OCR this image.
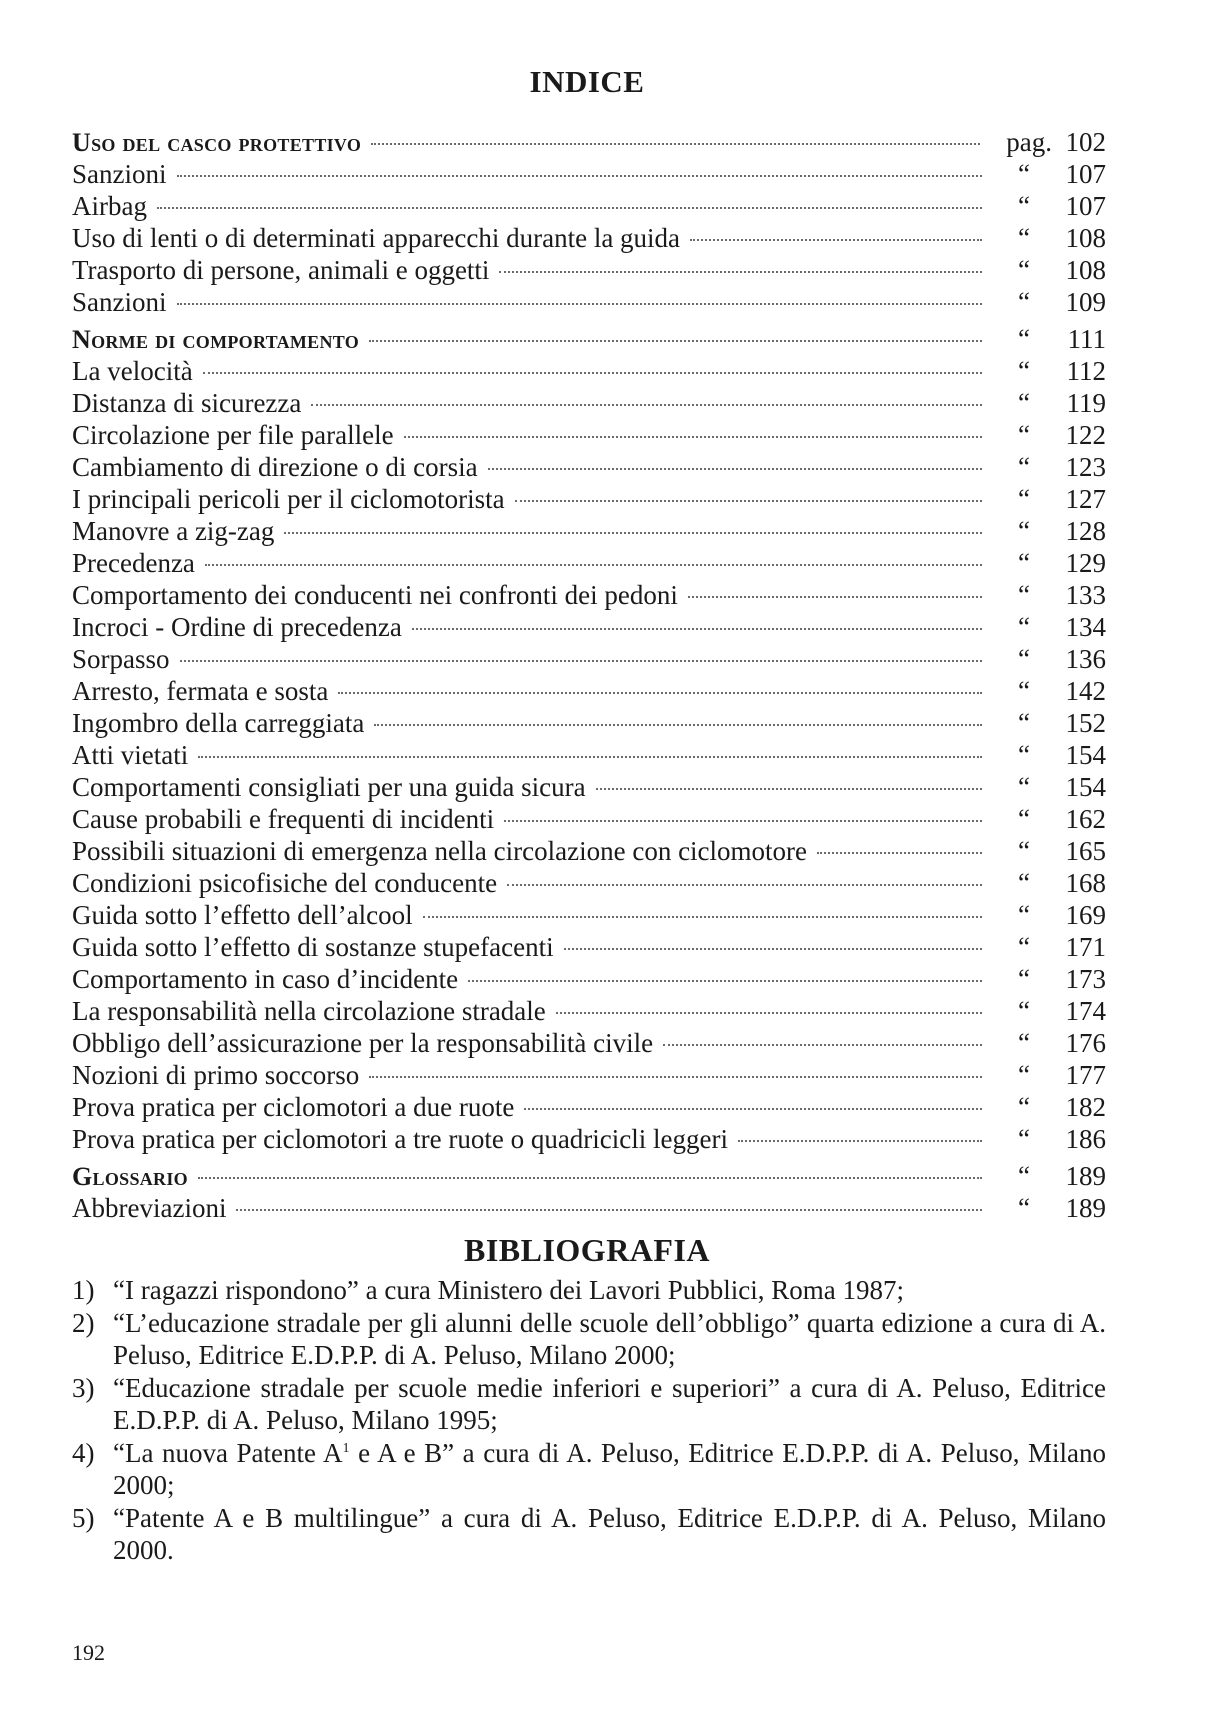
INDICE
Uso del casco protettivo	pag. 102
Sanzioni	“	107
Airbag	“	107
Uso di lenti o di determinati apparecchi durante la guida	“	108
Trasporto di persone, animali e oggetti	“	108
Sanzioni	“	109
Norme di comportamento	“	111
La velocità	“	112
Distanza di sicurezza	“	119
Circolazione per file parallele	“	122
Cambiamento di direzione o di corsia	“	123
I principali pericoli per il ciclomotorista	“	127
Manovre a zig-zag	“	128
Precedenza	“	129
Comportamento dei conducenti nei confronti dei pedoni	“	133
Incroci - Ordine di precedenza	“	134
Sorpasso	“	136
Arresto, fermata e sosta	“	142
Ingombro della carreggiata	“	152
Atti vietati	“	154
Comportamenti consigliati per una guida sicura	“	154
Cause probabili e frequenti di incidenti	“	162
Possibili situazioni di emergenza nella circolazione con ciclomotore	“	165
Condizioni psicofisiche del conducente	“	168
Guida sotto l’effetto dell’alcool	“	169
Guida sotto l’effetto di sostanze stupefacenti	“	171
Comportamento in caso d’incidente	“	173
La responsabilità nella circolazione stradale	“	174
Obbligo dell’assicurazione per la responsabilità civile	“	176
Nozioni di primo soccorso	“	177
Prova pratica per ciclomotori a due ruote	“	182
Prova pratica per ciclomotori a tre ruote o quadricicli leggeri	“	186
Glossario	“	189
Abbreviazioni	“	189
BIBLIOGRAFIA
1) “I ragazzi rispondono” a cura Ministero dei Lavori Pubblici, Roma 1987;
2) “L’educazione stradale per gli alunni delle scuole dell’obbligo” quarta edizione a cura di A. Peluso, Editrice E.D.P.P. di A. Peluso, Milano 2000;
3) “Educazione stradale per scuole medie inferiori e superiori” a cura di A. Peluso, Editrice E.D.P.P. di A. Peluso, Milano 1995;
4) “La nuova Patente $A^1$ e A e B” a cura di A. Peluso, Editrice E.D.P.P. di A. Peluso, Milano 2000;
5) “Patente A e B multilingue” a cura di A. Peluso, Editrice E.D.P.P. di A. Peluso, Milano 2000.
192
